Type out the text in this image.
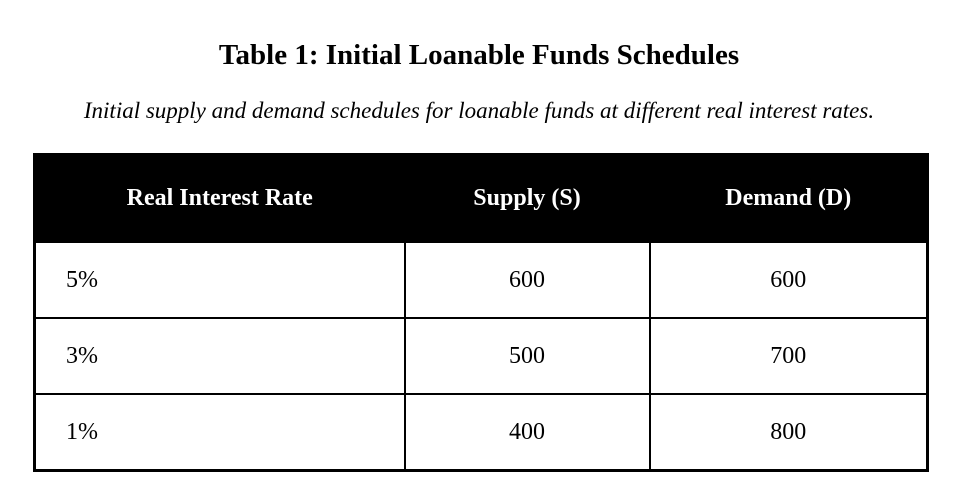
Table 1: Initial Loanable Funds Schedules

Initial supply and demand schedules for loanable funds at different real interest rates.

Real Interest Rate	Supply (S)	Demand (D)
5%	600	600
3%	500	700
1%	400	800
